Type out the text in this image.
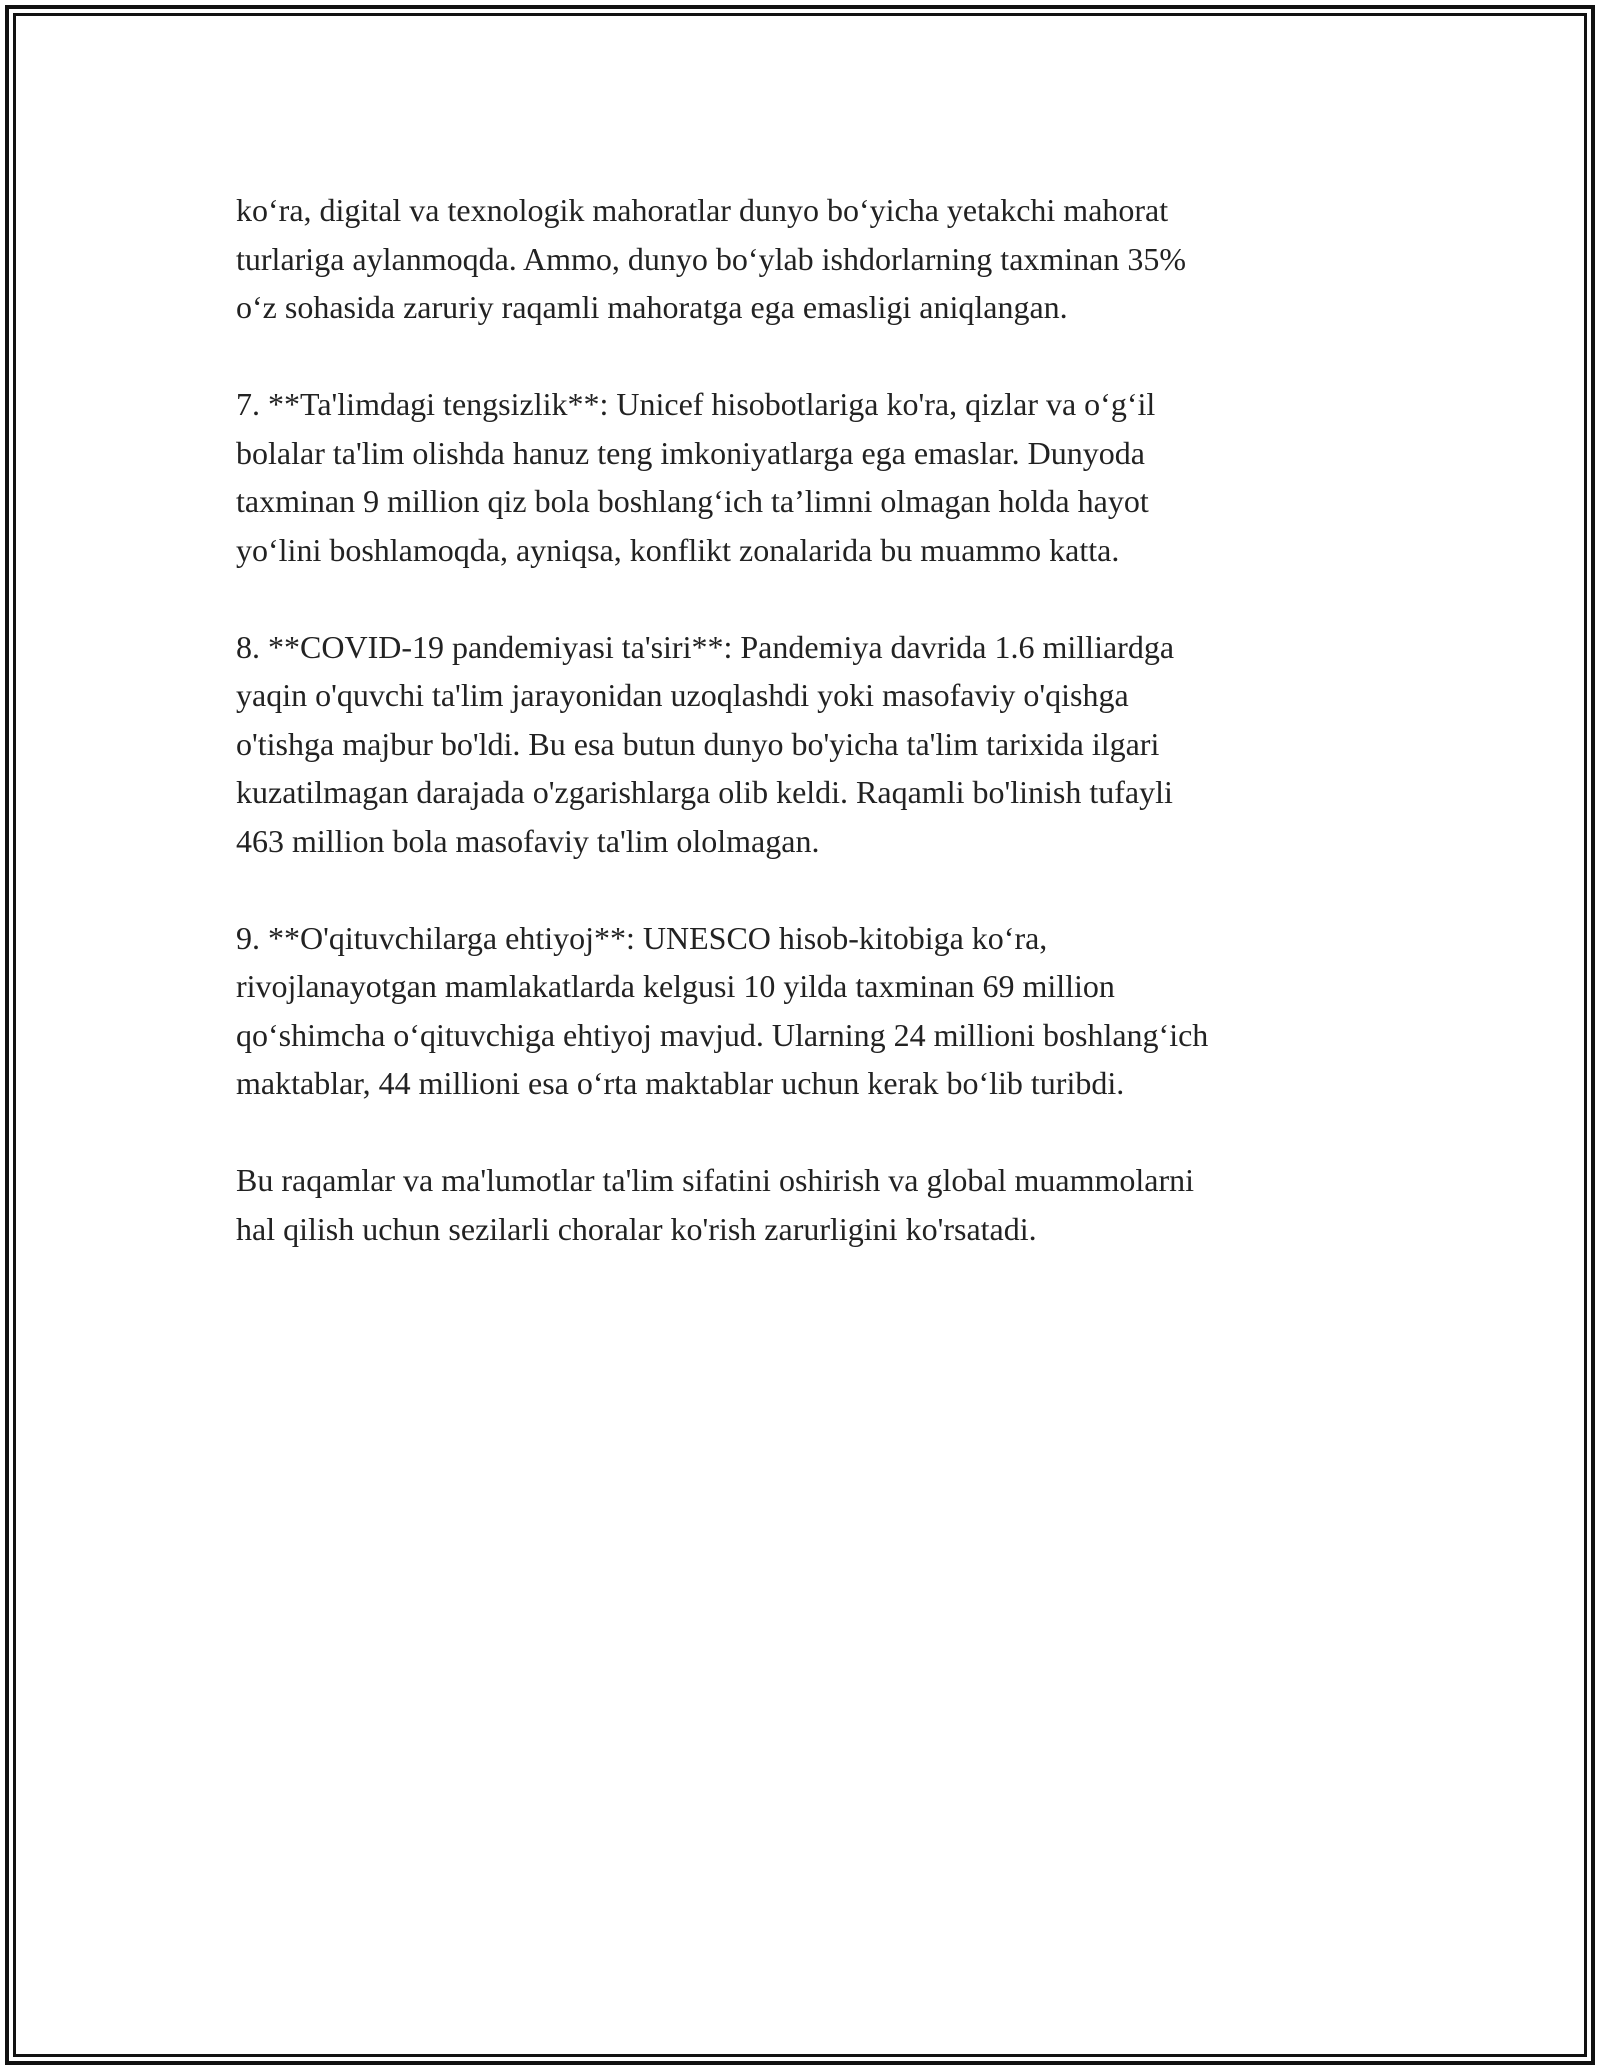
ko‘ra, digital va texnologik mahoratlar dunyo bo‘yicha yetakchi mahorat
turlariga aylanmoqda. Ammo, dunyo bo‘ylab ishdorlarning taxminan 35%
o‘z sohasida zaruriy raqamli mahoratga ega emasligi aniqlangan.

7. **Ta'limdagi tengsizlik**: Unicef hisobotlariga ko'ra, qizlar va o‘g‘il
bolalar ta'lim olishda hanuz teng imkoniyatlarga ega emaslar. Dunyoda
taxminan 9 million qiz bola boshlang‘ich ta’limni olmagan holda hayot
yo‘lini boshlamoqda, ayniqsa, konflikt zonalarida bu muammo katta.

8. **COVID-19 pandemiyasi ta'siri**: Pandemiya davrida 1.6 milliardga
yaqin o'quvchi ta'lim jarayonidan uzoqlashdi yoki masofaviy o'qishga
o'tishga majbur bo'ldi. Bu esa butun dunyo bo'yicha ta'lim tarixida ilgari
kuzatilmagan darajada o'zgarishlarga olib keldi. Raqamli bo'linish tufayli
463 million bola masofaviy ta'lim ololmagan.

9. **O'qituvchilarga ehtiyoj**: UNESCO hisob-kitobiga ko‘ra,
rivojlanayotgan mamlakatlarda kelgusi 10 yilda taxminan 69 million
qo‘shimcha o‘qituvchiga ehtiyoj mavjud. Ularning 24 millioni boshlang‘ich
maktablar, 44 millioni esa o‘rta maktablar uchun kerak bo‘lib turibdi.

Bu raqamlar va ma'lumotlar ta'lim sifatini oshirish va global muammolarni
hal qilish uchun sezilarli choralar ko'rish zarurligini ko'rsatadi.
